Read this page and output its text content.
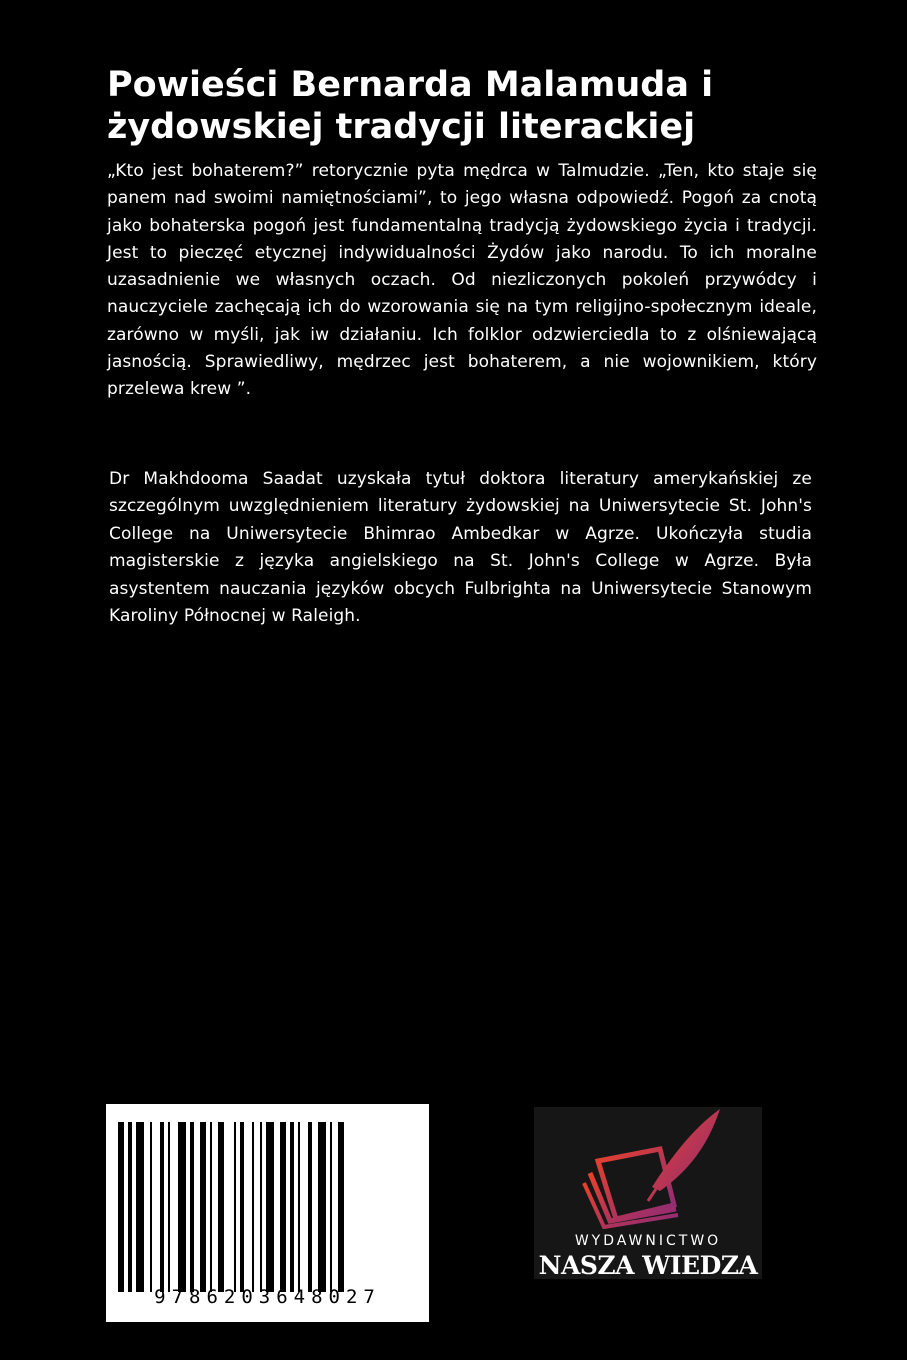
Powieści Bernarda Malamuda i żydowskiej tradycji literackiej

„Kto jest bohaterem?” retorycznie pyta mędrca w Talmudzie. „Ten, kto staje się panem nad swoimi namiętnościami”, to jego własna odpowiedź. Pogoń za cnotą jako bohaterska pogoń jest fundamentalną tradycją żydowskiego życia i tradycji. Jest to pieczęć etycznej indywidualności Żydów jako narodu. To ich moralne uzasadnienie we własnych oczach. Od niezliczonych pokoleń przywódcy i nauczyciele zachęcają ich do wzorowania się na tym religijno-społecznym ideale, zarówno w myśli, jak iw działaniu. Ich folklor odzwierciedla to z olśniewającą jasnością. Sprawiedliwy, mędrzec jest bohaterem, a nie wojownikiem, który przelewa krew ”.

Dr Makhdooma Saadat uzyskała tytuł doktora literatury amerykańskiej ze szczególnym uwzględnieniem literatury żydowskiej na Uniwersytecie St. John's College na Uniwersytecie Bhimrao Ambedkar w Agrze. Ukończyła studia magisterskie z języka angielskiego na St. John's College w Agrze. Była asystentem nauczania języków obcych Fulbrighta na Uniwersytecie Stanowym Karoliny Północnej w Raleigh.

9786203648027
WYDAWNICTWO
NASZA WIEDZA
